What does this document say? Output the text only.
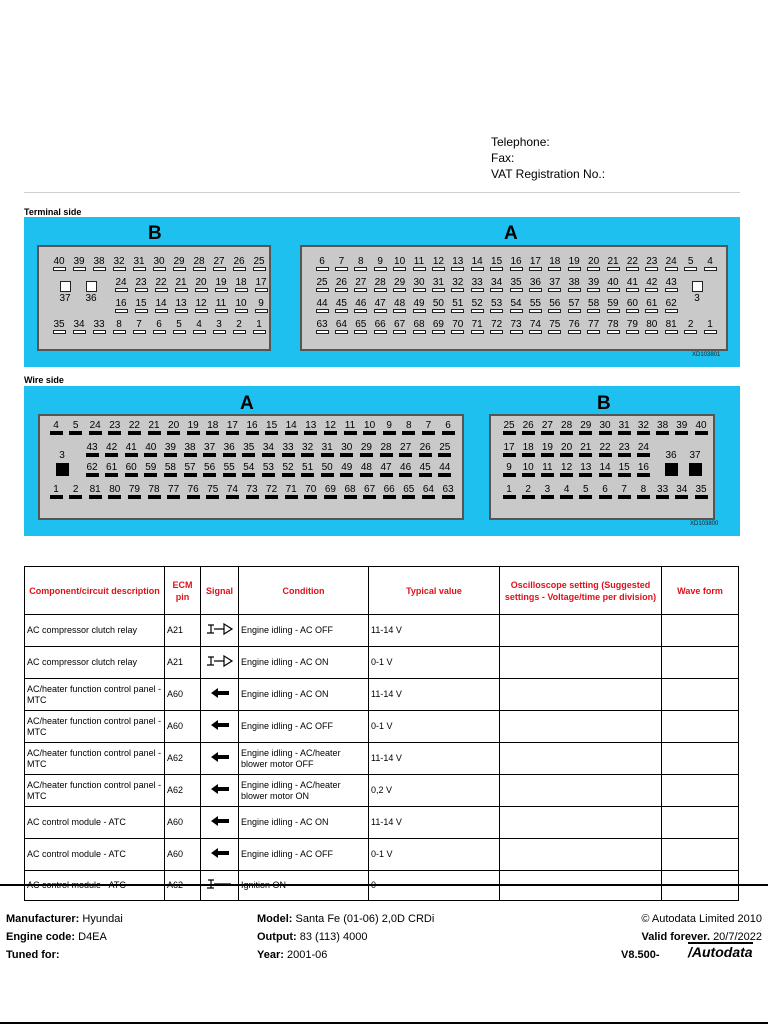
Telephone:
Fax:
VAT Registration No.:
Terminal side
40 39 38 32 31 30 29 28 27 26 25
24 23 22 21 20 19 18 17
16 15 14 13 12 11 10	9
35 34 33	8	7	6	5	4	3	2	1
37 36
6	7	8	9	10 11 12 13 14 15 16 17 18 19 20 21 22 23 24	5	4
25 26 27 28 29 30 31 32 33 34 35 36 37 38 39 40 41 42 43
44 45 46 47 48 49 50 51 52 53 54 55 56 57 58 59 60 61 62
63 64 65 66 67 68 69 70 71 72 73 74 75 76 77 78 79 80 81	2	1
3
B	A
XD103801
Wire side
4	5	24 23 22 21 20 19 18 17 16 15 14 13 12 11 10	9	8	7	6
43 42 41 40 39 38 37 36 35 34 33 32 31 30 29 28 27 26 25
62 61 60 59 58 57 56 55 54 53 52 51 50 49 48 47 46 45 44
1	2	81 80 79 78 77 76 75 74 73 72 71 70 69 68 67 66 65 64 63
3
25 26 27 28 29 30 31 32 38 39 40
17 18 19 20 21 22 23 24
9	10 11 12 13 14 15 16
1	2	3	4	5	6	7	8	33 34 35
36 37
A	B
XD103800
Component/circuit description	ECM pin	Signal	Condition	Typical value	Oscilloscope setting (Suggested settings - Voltage/time per division)	Wave form
AC compressor clutch relay	A21		Engine idling - AC OFF	11-14 V		
AC compressor clutch relay	A21		Engine idling - AC ON	0-1 V		
AC/heater function control panel - MTC	A60		Engine idling - AC ON	11-14 V		
AC/heater function control panel - MTC	A60		Engine idling - AC OFF	0-1 V		
AC/heater function control panel - MTC	A62		Engine idling - AC/heater blower motor OFF	11-14 V		
AC/heater function control panel - MTC	A62		Engine idling - AC/heater blower motor ON	0,2 V		
AC control module - ATC	A60		Engine idling - AC ON	11-14 V		
AC control module - ATC	A60		Engine idling - AC OFF	0-1 V		
AC control module - ATC	A62		Ignition ON	0		
Manufacturer: Hyundai
Engine code: D4EA
Tuned for:
Model: Santa Fe (01-06) 2,0D CRDi
Output: 83 (113) 4000
Year: 2001-06
© Autodata Limited 2010
Valid forever. 20/7/2022
V8.500- /Autodata
